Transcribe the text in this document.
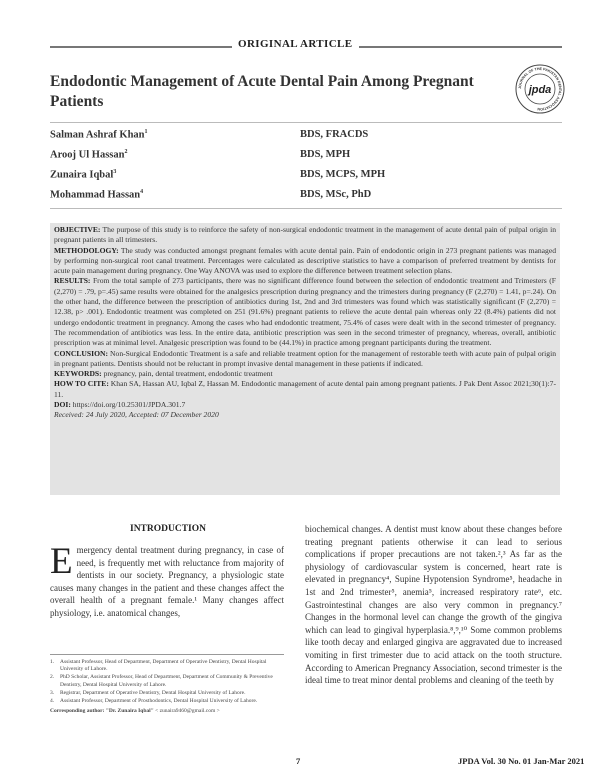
ORIGINAL ARTICLE
Endodontic Management of Acute Dental Pain Among Pregnant Patients
JOURNAL OF THE PAKISTAN DENTAL ASSOCIATION
jpda
Salman Ashraf Khan$^1$	BDS, FRACDS
Arooj Ul Hassan$^2$	BDS, MPH
Zunaira Iqbal$^3$	BDS, MCPS, MPH
Mohammad Hassan$^4$	BDS, MSc, PhD

OBJECTIVE: The purpose of this study is to reinforce the safety of non-surgical endodontic treatment in the management of acute dental pain of pulpal origin in pregnant patients in all trimesters.

METHODOLOGY: The study was conducted amongst pregnant females with acute dental pain. Pain of endodontic origin in 273 pregnant patients was managed by performing non-surgical root canal treatment. Percentages were calculated as descriptive statistics to have a comparison of preferred treatment by dentists for acute pain management during pregnancy. One Way ANOVA was used to explore the difference between treatment selection plans.

RESULTS: From the total sample of 273 participants, there was no significant difference found between the selection of endodontic treatment and Trimesters (F (2,270) = .79, p=.45) same results were obtained for the analgesics prescription during pregnancy and the trimesters during pregnancy (F (2,270) = 1.41, p=.24). On the other hand, the difference between the prescription of antibiotics during 1st, 2nd and 3rd trimesters was found which was statistically significant (F (2,270) = 12.38, p> .001). Endodontic treatment was completed on 251 (91.6%) pregnant patients to relieve the acute dental pain whereas only 22 (8.4%) patients did not undergo endodontic treatment in pregnancy. Among the cases who had endodontic treatment, 75.4% of cases were dealt with in the second trimester of pregnancy. The recommendation of antibiotics was less. In the entire data, antibiotic prescription was seen in the second trimester of pregnancy, whereas, overall, antibiotic prescription was at minimal level. Analgesic prescription was found to be (44.1%) in practice among pregnant participants during the treatment.

CONCLUSION: Non-Surgical Endodontic Treatment is a safe and reliable treatment option for the management of restorable teeth with acute pain of pulpal origin in pregnant patients. Dentists should not be reluctant in prompt invasive dental management in these patients if indicated.

KEYWORDS: pregnancy, pain, dental treatment, endodontic treatment

HOW TO CITE: Khan SA, Hassan AU, Iqbal Z, Hassan M. Endodontic management of acute dental pain among pregnant patients. J Pak Dent Assoc 2021;30(1):7-11.

DOI: https://doi.org/10.25301/JPDA.301.7

Received: 24 July 2020, Accepted: 07 December 2020

INTRODUCTION
Emergency dental treatment during pregnancy, in case of need, is frequently met with reluctance from majority of dentists in our society. Pregnancy, a physiologic state causes many changes in the patient and these changes affect the overall health of a pregnant female.¹ Many changes affect physiology, i.e. anatomical changes,
biochemical changes. A dentist must know about these changes before treating pregnant patients otherwise it can lead to serious complications if proper precautions are not taken.²,³ As far as the physiology of cardiovascular system is concerned, heart rate is elevated in pregnancy⁴, Supine Hypotension Syndrome⁵, headache in 1st and 2nd trimester⁵, anemia⁵, increased respiratory rate⁶, etc. Gastrointestinal changes are also very common in pregnancy.⁷ Changes in the hormonal level can change the growth of the gingiva which can lead to gingival hyperplasia.⁸,⁹,¹⁰ Some common problems like tooth decay and enlarged gingiva are aggravated due to increased vomiting in first trimester due to acid attack on the tooth structure. According to American Pregnancy Association, second trimester is the ideal time to treat minor dental problems and cleaning of the teeth by
1.	Assistant Professor, Head of Department, Department of Operative Dentistry, Dental Hospital University of Lahore.
2.	PhD Scholar, Assistant Professor, Head of Department, Department of Community & Preventive Dentistry, Dental Hospital University of Lahore.
3.	Registrar, Department of Operative Dentistry, Dental Hospital University of Lahore.
4.	Assistant Professor, Department of Prosthodontics, Dental Hospital University of Lahore.
Corresponding author: "Dr. Zunaira Iqbal" < zunaira9460@gmail.com >
7	JPDA Vol. 30 No. 01 Jan-Mar 2021
